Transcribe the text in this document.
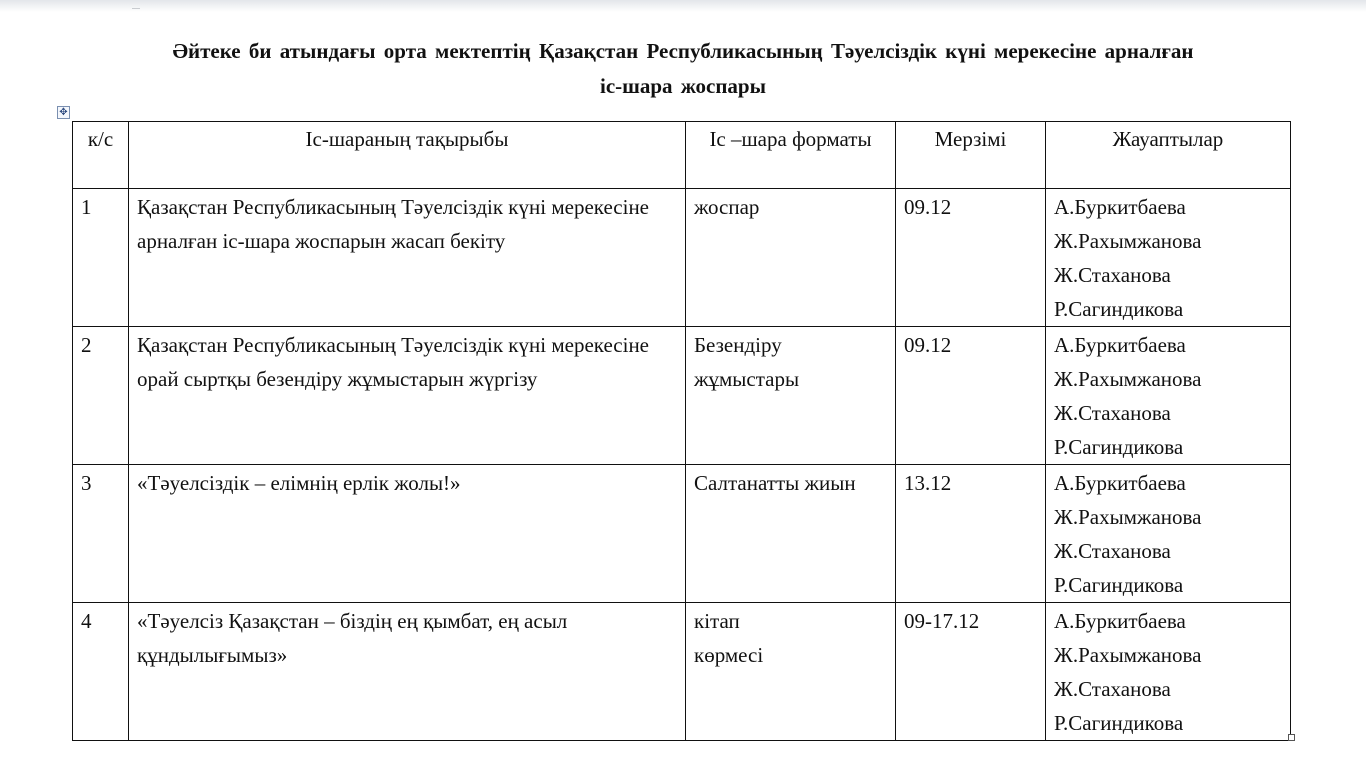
Әйтеке би атындағы орта мектептің Қазақстан Республикасының Тәуелсіздік күні мерекесіне арналған
іс-шара жоспары
✥
к/с	Іс-шараның тақырыбы	Іс –шара форматы	Мерзімі	Жауаптылар
1	Қазақстан Республикасының Тәуелсіздік күні мерекесіне арналған іс-шара жоспарын жасап бекіту	жоспар	09.12	А.Буркитбаева
Ж.Рахымжанова
Ж.Стаханова
Р.Сагиндикова

2	Қазақстан Республикасының Тәуелсіздік күні мерекесіне орай сыртқы безендіру жұмыстарын жүргізу	Безендіру
жұмыстары	09.12	А.Буркитбаева
Ж.Рахымжанова
Ж.Стаханова
Р.Сагиндикова

3	«Тәуелсіздік – елімнің ерлік жолы!»	Салтанатты жиын	13.12	А.Буркитбаева
Ж.Рахымжанова
Ж.Стаханова
Р.Сагиндикова

4	«Тәуелсіз Қазақстан – біздің ең қымбат, ең асыл құндылығымыз»	кітап
көрмесі	09-17.12	А.Буркитбаева
Ж.Рахымжанова
Ж.Стаханова
Р.Сагиндикова
